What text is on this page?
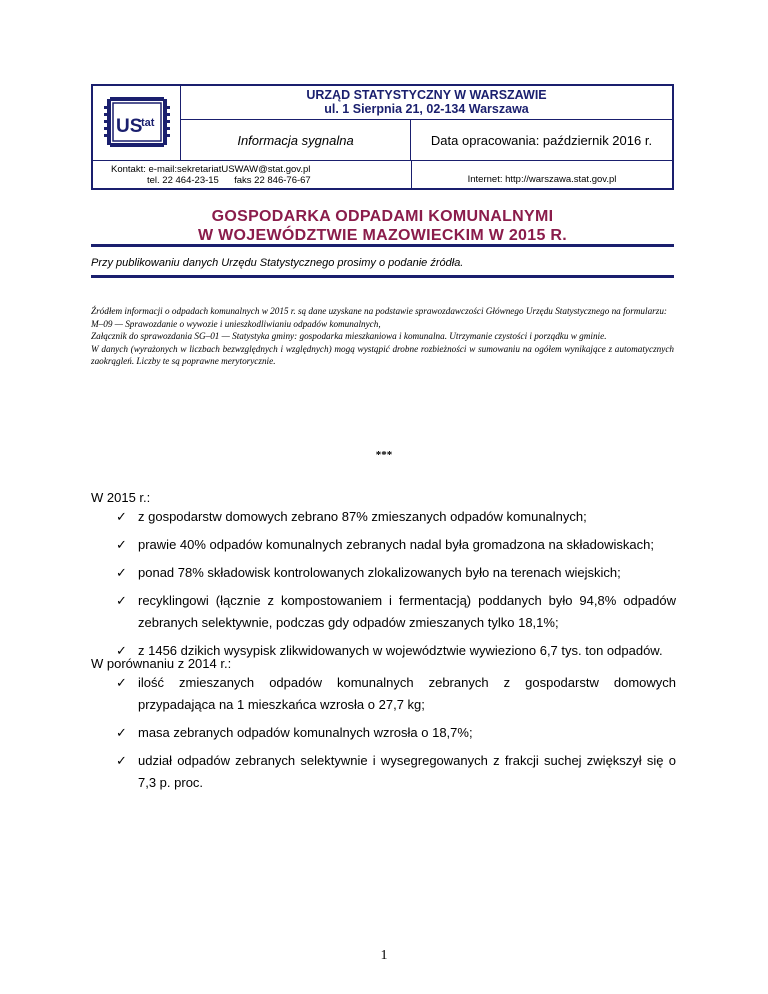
US
tat
URZĄD STATYSTYCZNY W WARSZAWIE
ul. 1 Sierpnia 21, 02-134 Warszawa
Informacja sygnalna	Data opracowania: październik 2016 r.
Kontakt: e-mail:sekretariatUSWAW@stat.gov.pl
tel. 22 464-23-15 faks 22 846-76-67	Internet: http://warszawa.stat.gov.pl
GOSPODARKA ODPADAMI KOMUNALNYMI
W WOJEWÓDZTWIE MAZOWIECKIM W 2015 R.
Przy publikowaniu danych Urzędu Statystycznego prosimy o podanie źródła.

Źródłem informacji o odpadach komunalnych w 2015 r. są dane uzyskane na podstawie sprawozdawczości Głównego Urzędu Statystycznego na formularzu:

M–09 — Sprawozdanie o wywozie i unieszkodliwianiu odpadów komunalnych,

Załącznik do sprawozdania SG–01 — Statystyka gminy: gospodarka mieszkaniowa i komunalna. Utrzymanie czystości i porządku w gminie.

W danych (wyrażonych w liczbach bezwzględnych i względnych) mogą wystąpić drobne rozbieżności w sumowaniu na ogółem wynikające z automatycznych zaokrągleń. Liczby te są poprawne merytorycznie.

***
W 2015 r.:
✓ z gospodarstw domowych zebrano 87% zmieszanych odpadów komunalnych;
✓ prawie 40% odpadów komunalnych zebranych nadal była gromadzona na składowiskach;
✓ ponad 78% składowisk kontrolowanych zlokalizowanych było na terenach wiejskich;
✓ recyklingowi (łącznie z kompostowaniem i fermentacją) poddanych było 94,8% odpadów zebranych selektywnie, podczas gdy odpadów zmieszanych tylko 18,1%;
✓ z 1456 dzikich wysypisk zlikwidowanych w województwie wywieziono 6,7 tys. ton odpadów.
W porównaniu z 2014 r.:
✓ ilość zmieszanych odpadów komunalnych zebranych z gospodarstw domowych przypadająca na 1 mieszkańca wzrosła o 27,7 kg;
✓ masa zebranych odpadów komunalnych wzrosła o 18,7%;
✓ udział odpadów zebranych selektywnie i wysegregowanych z frakcji suchej zwiększył się o 7,3 p. proc.
1
